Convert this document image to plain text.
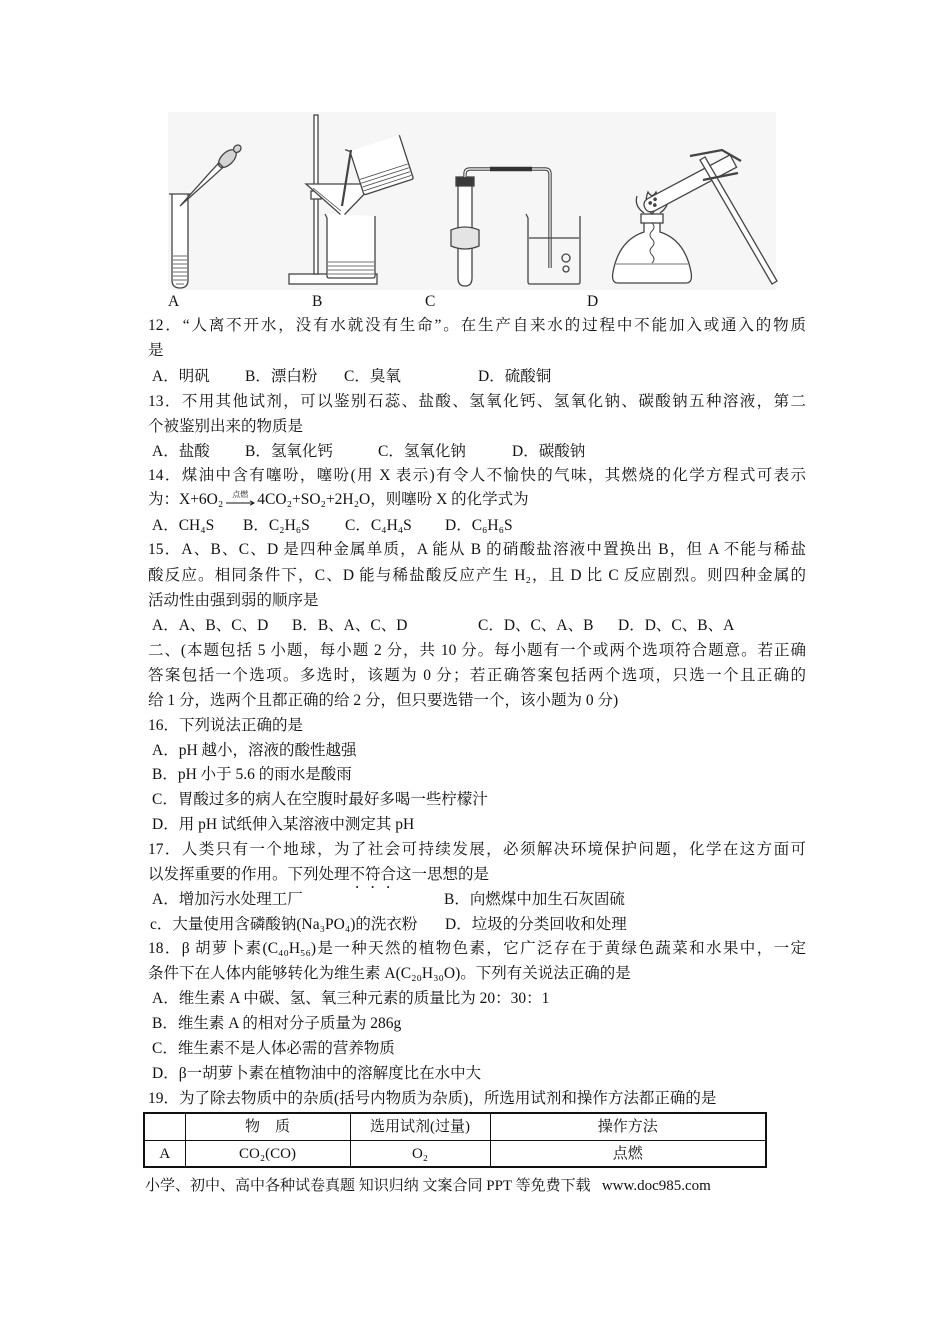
A	B	C	D
12．“人离不开水，没有水就没有生命”。在生产自来水的过程中不能加入或通入的物质
是
A．明矾 B．漂白粉 C．臭氧	D．硫酸铜
13．不用其他试剂，可以鉴别石蕊、盐酸、氢氧化钙、氢氧化钠、碳酸钠五种溶液，第二
个被鉴别出来的物质是
A．盐酸 B．氢氧化钙	C．氢氧化钠	D．碳酸钠
14．煤油中含有噻吩，噻吩(用 X 表示)有令人不愉快的气味，其燃烧的化学方程式可表示
为：X+6O₂	点燃 4CO₂+SO₂+2H₂O，则噻吩 X 的化学式为
A．CH₄S B．C₂H₆S C．C₄H₄S D．C₆H₆S
15．A、B、C、D 是四种金属单质，A 能从 B 的硝酸盐溶液中置换出 B，但 A 不能与稀盐
酸反应。相同条件下，C、D 能与稀盐酸反应产生 H₂，且 D 比 C 反应剧烈。则四种金属的
活动性由强到弱的顺序是
A．A、B、C、D B．B、A、C、D	C．D、C、A、B D．D、C、B、A
二、(本题包括 5 小题，每小题 2 分，共 10 分。每小题有一个或两个选项符合题意。若正确
答案包括一个选项。多选时，该题为 0 分；若正确答案包括两个选项，只选一个且正确的
给 1 分，选两个且都正确的给 2 分，但只要选错一个，该小题为 0 分)
16．下列说法正确的是
A．pH 越小，溶液的酸性越强
B．pH 小于 5.6 的雨水是酸雨
C．胃酸过多的病人在空腹时最好多喝一些柠檬汁
D．用 pH 试纸伸入某溶液中测定其 pH
17．人类只有一个地球，为了社会可持续发展，必须解决环境保护问题，化学在这方面可
以发挥重要的作用。下列处理不符合这一思想的是
A．增加污水处理工厂	B．向燃煤中加生石灰固硫
c．大量使用含磷酸钠(Na₃PO₄)的洗衣粉 D．垃圾的分类回收和处理
18．β 胡萝卜素(C₄₀H₅₆)是一种天然的植物色素，它广泛存在于黄绿色蔬菜和水果中，一定
条件下在人体内能够转化为维生素 A(C₂₀H₃₀O)。下列有关说法正确的是
A．维生素 A 中碳、氢、氧三种元素的质量比为 20：30：1
B．维生素 A 的相对分子质量为 286g
C．维生素不是人体必需的营养物质
D．β一胡萝卜素在植物油中的溶解度比在水中大
19．为了除去物质中的杂质(括号内物质为杂质)，所选用试剂和操作方法都正确的是
	物　质	选用试剂(过量)	操作方法
A	CO₂(CO)	O₂	点燃
小学、初中、高中各种试卷真题 知识归纳 文案合同 PPT 等免费下载   www.doc985.com
